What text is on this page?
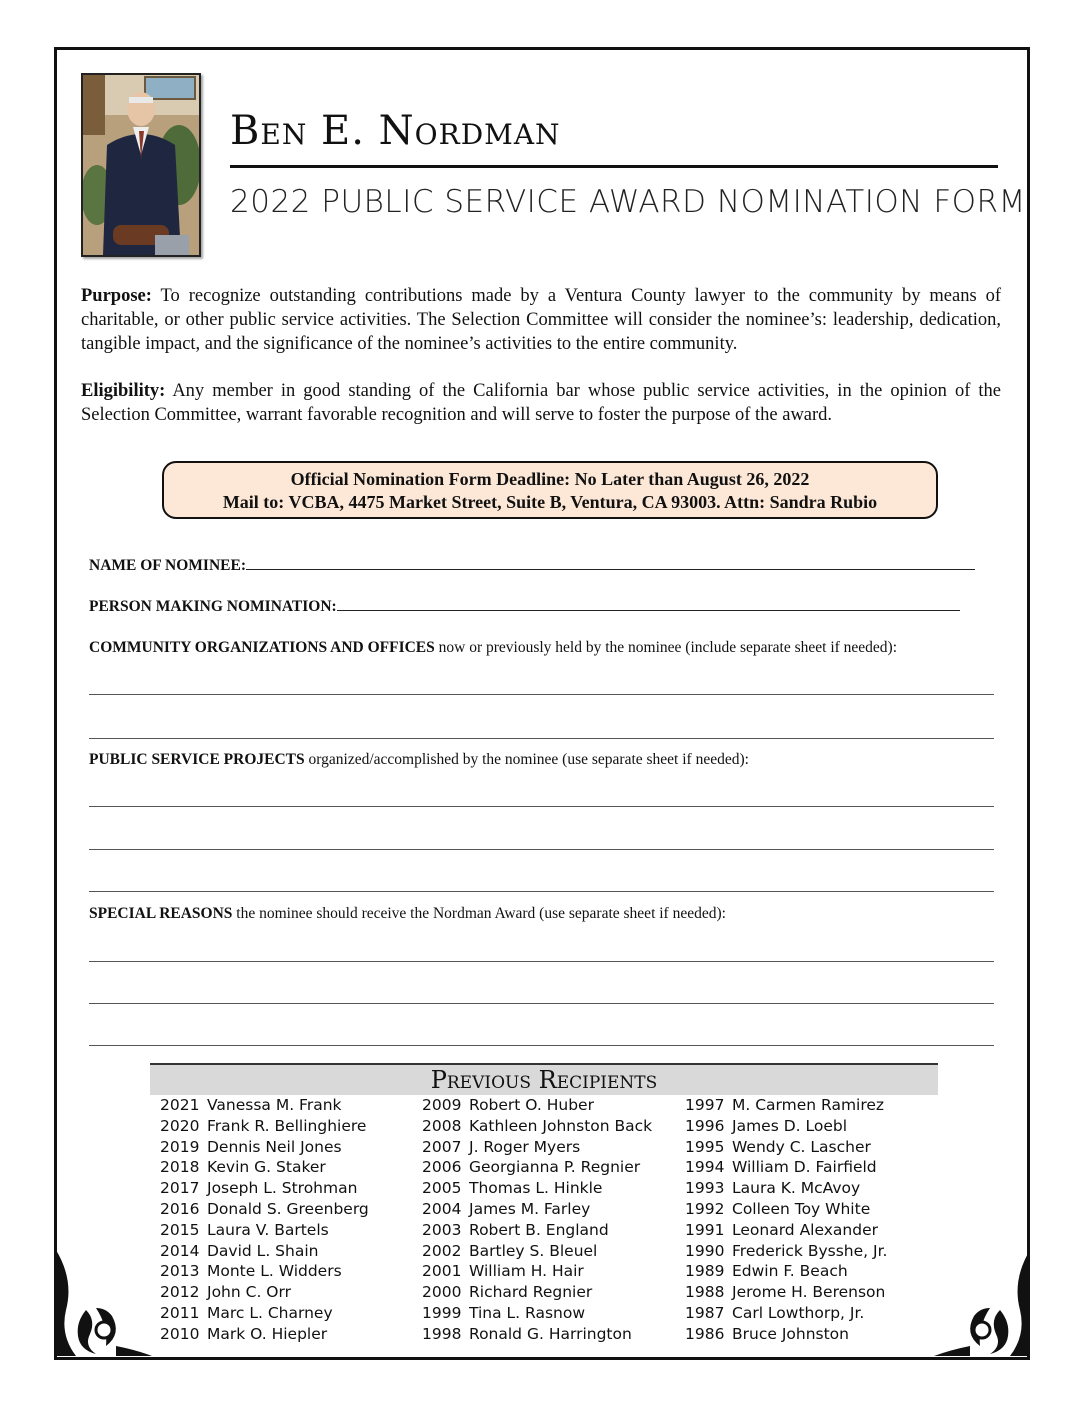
Ben E. Nordman
2022 PUBLIC SERVICE AWARD NOMINATION FORM
Purpose: To recognize outstanding contributions made by a Ventura County lawyer to the community by means of charitable, or other public service activities. The Selection Committee will consider the nominee’s: leadership, dedication, tangible impact, and the significance of the nominee’s activities to the entire community.
Eligibility: Any member in good standing of the California bar whose public service activities, in the opinion of the Selection Committee, warrant favorable recognition and will serve to foster the purpose of the award.
Official Nomination Form Deadline: No Later than August 26, 2022
Mail to: VCBA, 4475 Market Street, Suite B, Ventura, CA 93003. Attn: Sandra Rubio
NAME OF NOMINEE:
PERSON MAKING NOMINATION:
COMMUNITY ORGANIZATIONS AND OFFICES now or previously held by the nominee (include separate sheet if needed):
PUBLIC SERVICE PROJECTS organized/accomplished by the nominee (use separate sheet if needed):
SPECIAL REASONS the nominee should receive the Nordman Award (use separate sheet if needed):
Previous Recipients
2021 Vanessa M. Frank
2020 Frank R. Bellinghiere
2019 Dennis Neil Jones
2018 Kevin G. Staker
2017 Joseph L. Strohman
2016 Donald S. Greenberg
2015 Laura V. Bartels
2014 David L. Shain
2013 Monte L. Widders
2012 John C. Orr
2011 Marc L. Charney
2010 Mark O. Hiepler
2009 Robert O. Huber
2008 Kathleen Johnston Back
2007 J. Roger Myers
2006 Georgianna P. Regnier
2005 Thomas L. Hinkle
2004 James M. Farley
2003 Robert B. England
2002 Bartley S. Bleuel
2001 William H. Hair
2000 Richard Regnier
1999 Tina L. Rasnow
1998 Ronald G. Harrington
1997 M. Carmen Ramirez
1996 James D. Loebl
1995 Wendy C. Lascher
1994 William D. Fairfield
1993 Laura K. McAvoy
1992 Colleen Toy White
1991 Leonard Alexander
1990 Frederick Bysshe, Jr.
1989 Edwin F. Beach
1988 Jerome H. Berenson
1987 Carl Lowthorp, Jr.
1986 Bruce Johnston
